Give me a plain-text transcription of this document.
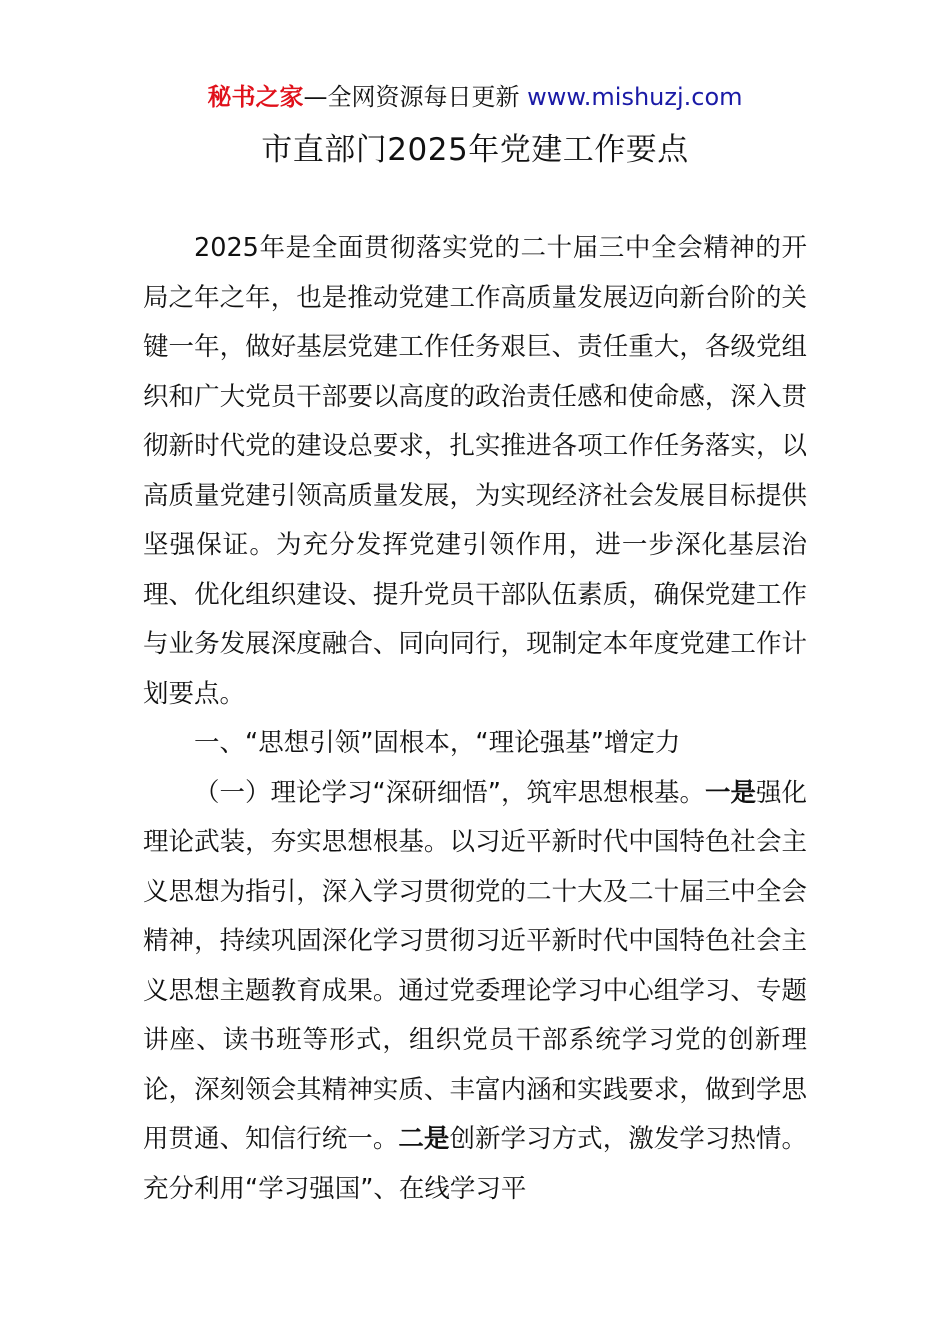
秘书之家—全网资源每日更新 www.mishuzj.com
市直部门2025年党建工作要点

2025年是全面贯彻落实党的二十届三中全会精神的开局之年之年，也是推动党建工作高质量发展迈向新台阶的关键一年，做好基层党建工作任务艰巨、责任重大，各级党组织和广大党员干部要以高度的政治责任感和使命感，深入贯彻新时代党的建设总要求，扎实推进各项工作任务落实，以高质量党建引领高质量发展，为实现经济社会发展目标提供坚强保证。为充分发挥党建引领作用，进一步深化基层治理、优化组织建设、提升党员干部队伍素质，确保党建工作与业务发展深度融合、同向同行，现制定本年度党建工作计划要点。

一、“思想引领”固根本，“理论强基”增定力

（一）理论学习“深研细悟”，筑牢思想根基。一是强化理论武装，夯实思想根基。以习近平新时代中国特色社会主义思想为指引，深入学习贯彻党的二十大及二十届三中全会精神，持续巩固深化学习贯彻习近平新时代中国特色社会主义思想主题教育成果。通过党委理论学习中心组学习、专题讲座、读书班等形式，组织党员干部系统学习党的创新理论，深刻领会其精神实质、丰富内涵和实践要求，做到学思用贯通、知信行统一。二是创新学习方式，激发学习热情。充分利用“学习强国”、在线学习平
